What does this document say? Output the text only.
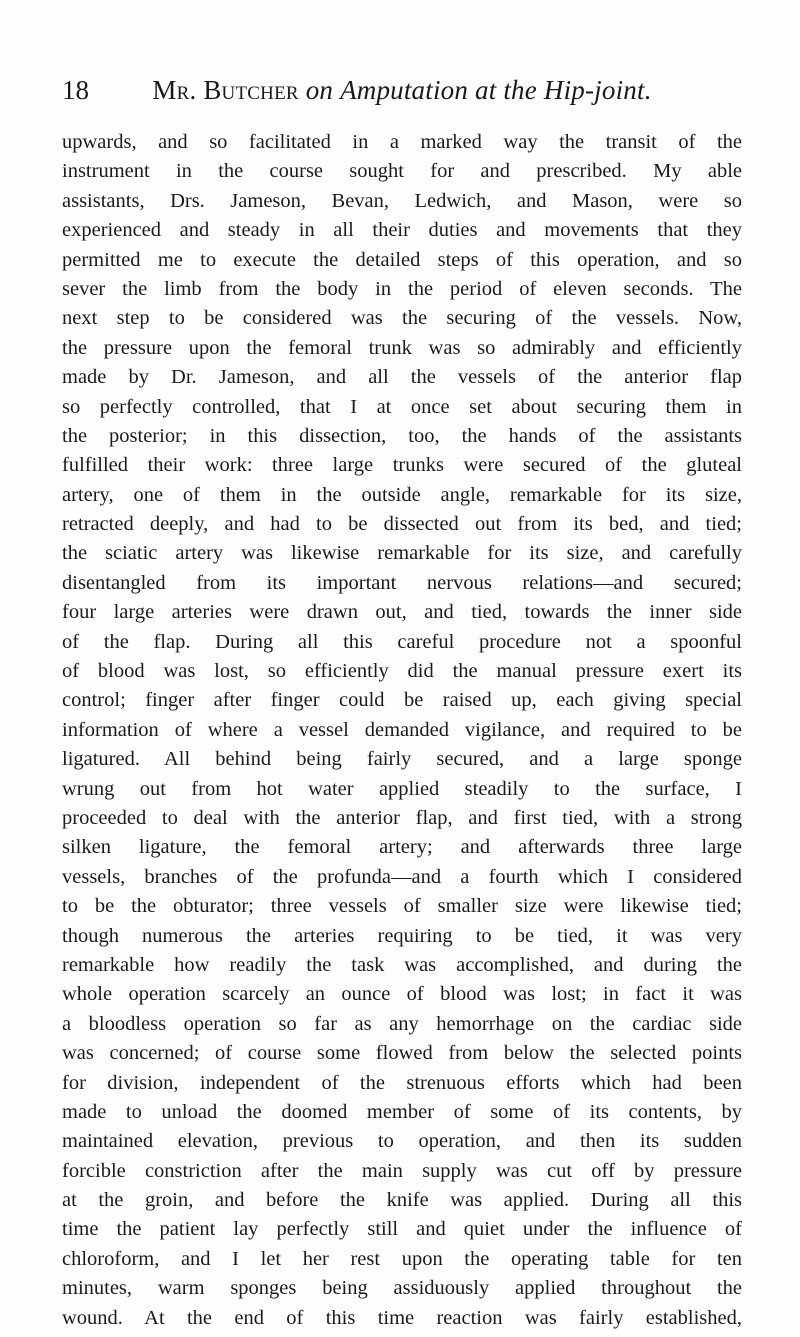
18	Mr. Butcher on Amputation at the Hip-joint.
upwards, and so facilitated in a marked way the transit of the
instrument in the course sought for and prescribed. My able
assistants, Drs. Jameson, Bevan, Ledwich, and Mason, were so
experienced and steady in all their duties and movements that they
permitted me to execute the detailed steps of this operation, and so
sever the limb from the body in the period of eleven seconds. The
next step to be considered was the securing of the vessels. Now,
the pressure upon the femoral trunk was so admirably and efficiently
made by Dr. Jameson, and all the vessels of the anterior flap
so perfectly controlled, that I at once set about securing them in
the posterior; in this dissection, too, the hands of the assistants
fulfilled their work: three large trunks were secured of the gluteal
artery, one of them in the outside angle, remarkable for its size,
retracted deeply, and had to be dissected out from its bed, and tied;
the sciatic artery was likewise remarkable for its size, and carefully
disentangled from its important nervous relations—and secured;
four large arteries were drawn out, and tied, towards the inner side
of the flap. During all this careful procedure not a spoonful
of blood was lost, so efficiently did the manual pressure exert its
control; finger after finger could be raised up, each giving special
information of where a vessel demanded vigilance, and required to be
ligatured. All behind being fairly secured, and a large sponge
wrung out from hot water applied steadily to the surface, I
proceeded to deal with the anterior flap, and first tied, with a strong
silken ligature, the femoral artery; and afterwards three large
vessels, branches of the profunda—and a fourth which I considered
to be the obturator; three vessels of smaller size were likewise tied;
though numerous the arteries requiring to be tied, it was very
remarkable how readily the task was accomplished, and during the
whole operation scarcely an ounce of blood was lost; in fact it was
a bloodless operation so far as any hemorrhage on the cardiac side
was concerned; of course some flowed from below the selected points
for division, independent of the strenuous efforts which had been
made to unload the doomed member of some of its contents, by
maintained elevation, previous to operation, and then its sudden
forcible constriction after the main supply was cut off by pressure
at the groin, and before the knife was applied. During all this
time the patient lay perfectly still and quiet under the influence of
chloroform, and I let her rest upon the operating table for ten
minutes, warm sponges being assiduously applied throughout the
wound. At the end of this time reaction was fairly established,
